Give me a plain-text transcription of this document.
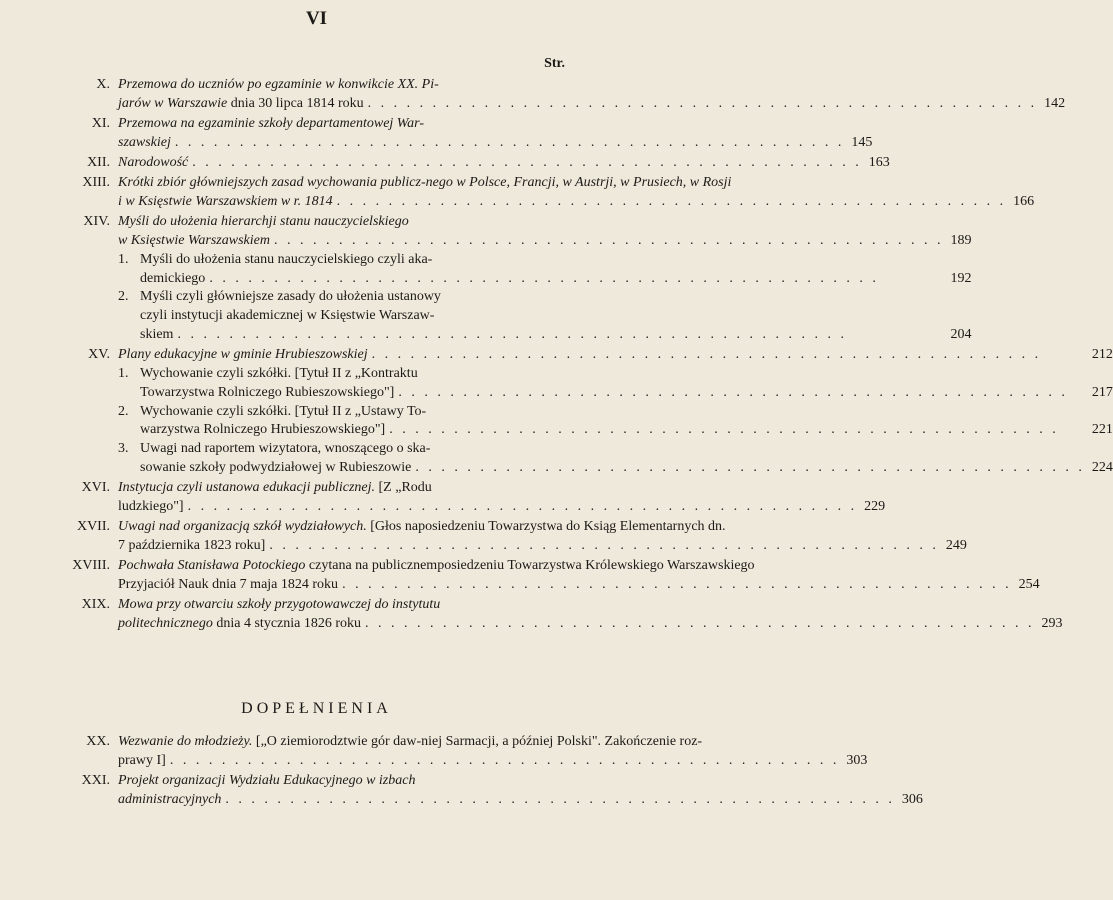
VI
Str.
X. Przemowa do uczniów po egzaminie w konwikcie XX. Pi-
jarów w Warszawie dnia 30 lipca 1814 roku . . . . . . . . . . . . . . . . . . . . . . . . . . . . . . . . . . . . . . . . . . . . . . . . . . . . 142
XI. Przemowa na egzaminie szkoły departamentowej War-
szawskiej . . . . . . . . . . . . . . . . . . . . . . . . . . . . . . . . . . . . . . . . . . . . . . . . . . . . 145
XII. Narodowość . . . . . . . . . . . . . . . . . . . . . . . . . . . . . . . . . . . . . . . . . . . . . . . . . . . . 163
XIII. Krótki zbiór główniejszych zasad wychowania publicz-nego w Polsce, Francji, w Austrji, w Prusiech, w Rosji
i w Księstwie Warszawskiem w r. 1814 . . . . . . . . . . . . . . . . . . . . . . . . . . . . . . . . . . . . . . . . . . . . . . . . . . . . 166
XIV. Myśli do ułożenia hierarchji stanu nauczycielskiego
w Księstwie Warszawskiem . . . . . . . . . . . . . . . . . . . . . . . . . . . . . . . . . . . . . . . . . . . . . . . . . . . . 189
1. Myśli do ułożenia stanu nauczycielskiego czyli aka-
demickiego . . . . . . . . . . . . . . . . . . . . . . . . . . . . . . . . . . . . . . . . . . . . . . . . . . . .	192
2. Myśli czyli główniejsze zasady do ułożenia ustanowy
czyli instytucji akademicznej w Księstwie Warszaw-
skiem . . . . . . . . . . . . . . . . . . . . . . . . . . . . . . . . . . . . . . . . . . . . . . . . . . . .	204
XV. Plany edukacyjne w gminie Hrubieszowskiej . . . . . . . . . . . . . . . . . . . . . . . . . . . . . . . . . . . . . . . . . . . . . . . . . . . .	212
1. Wychowanie czyli szkółki. [Tytuł II z „Kontraktu
Towarzystwa Rolniczego Rubieszowskiego"] . . . . . . . . . . . . . . . . . . . . . . . . . . . . . . . . . . . . . . . . . . . . . . . . . . . .	217
2. Wychowanie czyli szkółki. [Tytuł II z „Ustawy To-
warzystwa Rolniczego Hrubieszowskiego"] . . . . . . . . . . . . . . . . . . . . . . . . . . . . . . . . . . . . . . . . . . . . . . . . . . . .	221
3. Uwagi nad raportem wizytatora, wnoszącego o ska-
sowanie szkoły podwydziałowej w Rubieszowie . . . . . . . . . . . . . . . . . . . . . . . . . . . . . . . . . . . . . . . . . . . . . . . . . . . . 224
XVI. Instytucja czyli ustanowa edukacji publicznej. [Z „Rodu
ludzkiego"] . . . . . . . . . . . . . . . . . . . . . . . . . . . . . . . . . . . . . . . . . . . . . . . . . . . . 229
XVII. Uwagi nad organizacją szkół wydziałowych. [Głos naposiedzeniu Towarzystwa do Ksiąg Elementarnych dn.
7 października 1823 roku] . . . . . . . . . . . . . . . . . . . . . . . . . . . . . . . . . . . . . . . . . . . . . . . . . . . . 249
XVIII. Pochwała Stanisława Potockiego czytana na publicznemposiedzeniu Towarzystwa Królewskiego Warszawskiego
Przyjaciół Nauk dnia 7 maja 1824 roku . . . . . . . . . . . . . . . . . . . . . . . . . . . . . . . . . . . . . . . . . . . . . . . . . . . . 254
XIX. Mowa przy otwarciu szkoły przygotowawczej do instytutu
politechnicznego dnia 4 stycznia 1826 roku . . . . . . . . . . . . . . . . . . . . . . . . . . . . . . . . . . . . . . . . . . . . . . . . . . . . 293
DOPEŁNIENIA
XX. Wezwanie do młodzieży. [„O ziemiorodztwie gór daw-niej Sarmacji, a później Polski". Zakończenie roz-
prawy I] . . . . . . . . . . . . . . . . . . . . . . . . . . . . . . . . . . . . . . . . . . . . . . . . . . . . 303
XXI. Projekt organizacji Wydziału Edukacyjnego w izbach
administracyjnych . . . . . . . . . . . . . . . . . . . . . . . . . . . . . . . . . . . . . . . . . . . . . . . . . . . . 306
